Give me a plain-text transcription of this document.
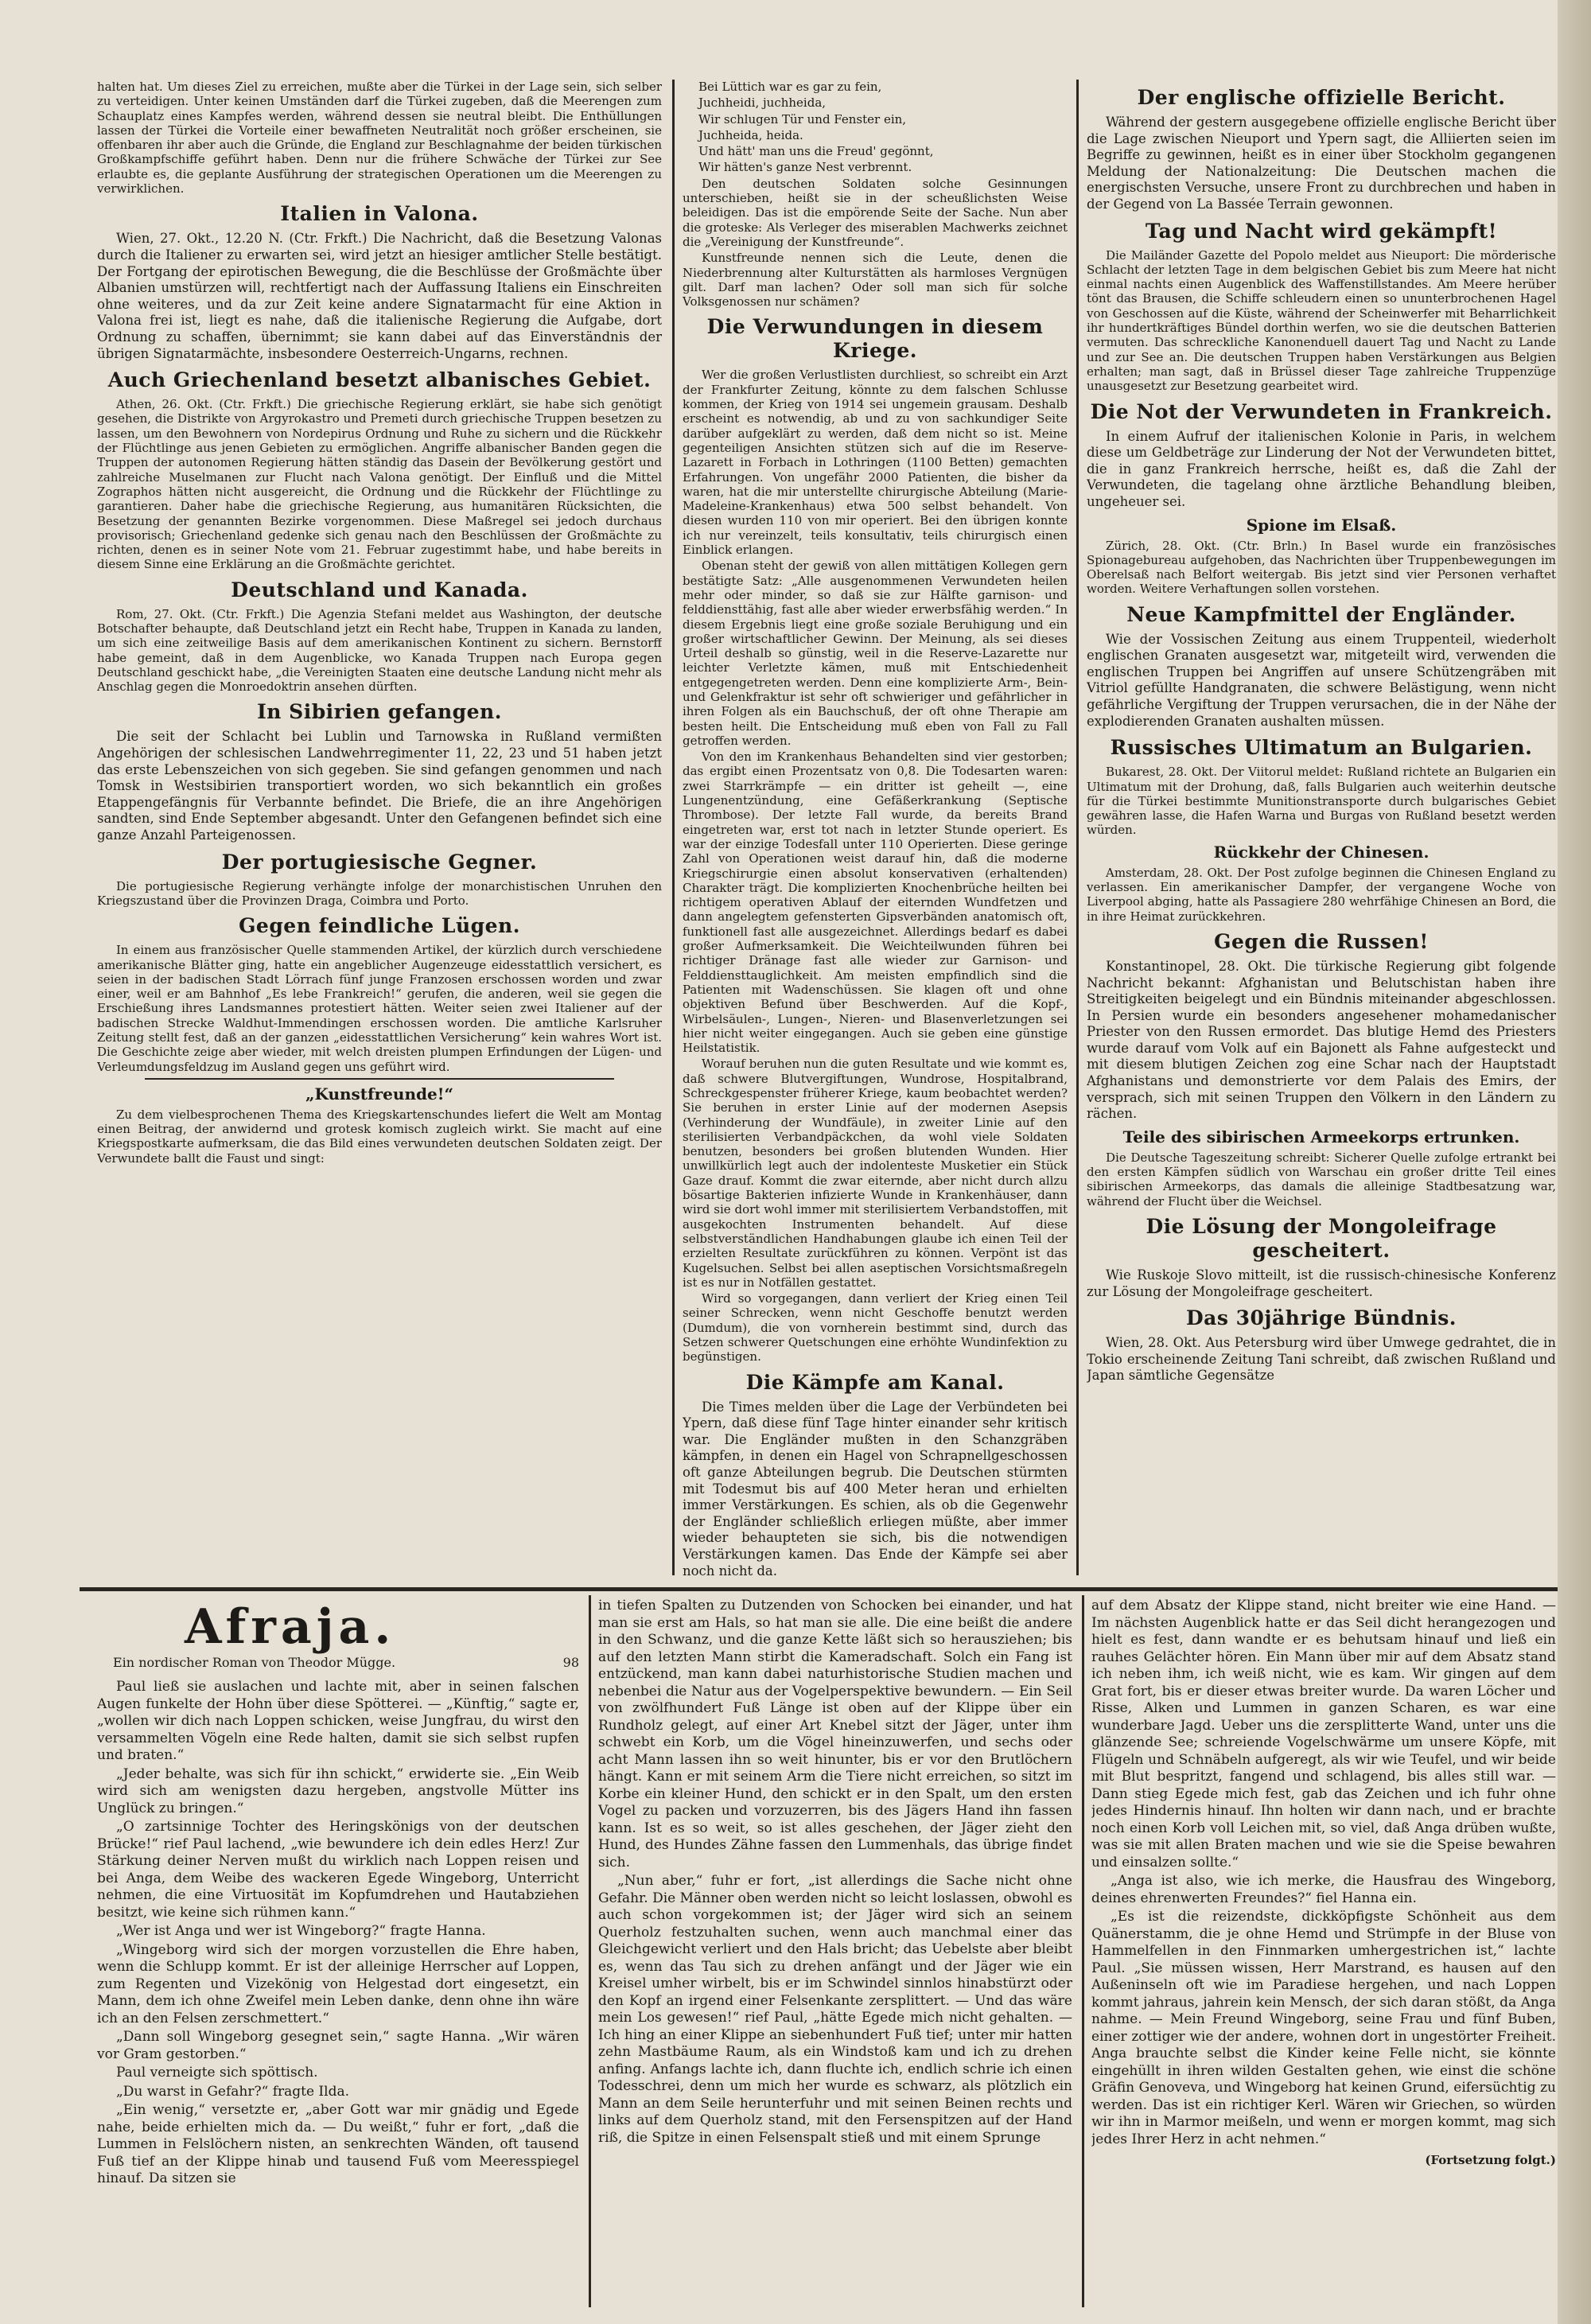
halten hat. Um dieses Ziel zu erreichen, mußte aber die Türkei in der Lage sein, sich selber zu verteidigen. Unter keinen Umständen darf die Türkei zugeben, daß die Meerengen zum Schauplatz eines Kampfes werden, während dessen sie neutral bleibt. Die Enthüllungen lassen der Türkei die Vorteile einer bewaffneten Neutralität noch größer erscheinen, sie offenbaren ihr aber auch die Gründe, die England zur Beschlagnahme der beiden türkischen Großkampfschiffe geführt haben. Denn nur die frühere Schwäche der Türkei zur See erlaubte es, die geplante Ausführung der strategischen Operationen um die Meerengen zu verwirklichen.

Italien in Valona.

Wien, 27. Okt., 12.20 N. (Ctr. Frkft.) Die Nachricht, daß die Besetzung Valonas durch die Italiener zu erwarten sei, wird jetzt an hiesiger amtlicher Stelle bestätigt. Der Fortgang der epirotischen Bewegung, die die Beschlüsse der Großmächte über Albanien umstürzen will, rechtfertigt nach der Auffassung Italiens ein Einschreiten ohne weiteres, und da zur Zeit keine andere Signatarmacht für eine Aktion in Valona frei ist, liegt es nahe, daß die italienische Regierung die Aufgabe, dort Ordnung zu schaffen, übernimmt; sie kann dabei auf das Einverständnis der übrigen Signatarmächte, insbesondere Oesterreich-Ungarns, rechnen.

Auch Griechenland besetzt albanisches Gebiet.

Athen, 26. Okt. (Ctr. Frkft.) Die griechische Regierung erklärt, sie habe sich genötigt gesehen, die Distrikte von Argyrokastro und Premeti durch griechische Truppen besetzen zu lassen, um den Bewohnern von Nordepirus Ordnung und Ruhe zu sichern und die Rückkehr der Flüchtlinge aus jenen Gebieten zu ermöglichen. Angriffe albanischer Banden gegen die Truppen der autonomen Regierung hätten ständig das Dasein der Bevölkerung gestört und zahlreiche Muselmanen zur Flucht nach Valona genötigt. Der Einfluß und die Mittel Zographos hätten nicht ausgereicht, die Ordnung und die Rückkehr der Flüchtlinge zu garantieren. Daher habe die griechische Regierung, aus humanitären Rücksichten, die Besetzung der genannten Bezirke vorgenommen. Diese Maßregel sei jedoch durchaus provisorisch; Griechenland gedenke sich genau nach den Beschlüssen der Großmächte zu richten, denen es in seiner Note vom 21. Februar zugestimmt habe, und habe bereits in diesem Sinne eine Erklärung an die Großmächte gerichtet.

Deutschland und Kanada.

Rom, 27. Okt. (Ctr. Frkft.) Die Agenzia Stefani meldet aus Washington, der deutsche Botschafter behaupte, daß Deutschland jetzt ein Recht habe, Truppen in Kanada zu landen, um sich eine zeitweilige Basis auf dem amerikanischen Kontinent zu sichern. Bernstorff habe gemeint, daß in dem Augenblicke, wo Kanada Truppen nach Europa gegen Deutschland geschickt habe, „die Vereinigten Staaten eine deutsche Landung nicht mehr als Anschlag gegen die Monroedoktrin ansehen dürften.

In Sibirien gefangen.

Die seit der Schlacht bei Lublin und Tarnowska in Rußland vermißten Angehörigen der schlesischen Landwehrregimenter 11, 22, 23 und 51 haben jetzt das erste Lebenszeichen von sich gegeben. Sie sind gefangen genommen und nach Tomsk in Westsibirien transportiert worden, wo sich bekanntlich ein großes Etappengefängnis für Verbannte befindet. Die Briefe, die an ihre Angehörigen sandten, sind Ende September abgesandt. Unter den Gefangenen befindet sich eine ganze Anzahl Parteigenossen.

Der portugiesische Gegner.

Die portugiesische Regierung verhängte infolge der monarchistischen Unruhen den Kriegszustand über die Provinzen Draga, Coimbra und Porto.

Gegen feindliche Lügen.

In einem aus französischer Quelle stammenden Artikel, der kürzlich durch verschiedene amerikanische Blätter ging, hatte ein angeblicher Augenzeuge eidesstattlich versichert, es seien in der badischen Stadt Lörrach fünf junge Franzosen erschossen worden und zwar einer, weil er am Bahnhof „Es lebe Frankreich!“ gerufen, die anderen, weil sie gegen die Erschießung ihres Landsmannes protestiert hätten. Weiter seien zwei Italiener auf der badischen Strecke Waldhut-Immendingen erschossen worden. Die amtliche Karlsruher Zeitung stellt fest, daß an der ganzen „eidesstattlichen Versicherung“ kein wahres Wort ist. Die Geschichte zeige aber wieder, mit welch dreisten plumpen Erfindungen der Lügen- und Verleumdungsfeldzug im Ausland gegen uns geführt wird.

„Kunstfreunde!“

Zu dem vielbesprochenen Thema des Kriegskartenschundes liefert die Welt am Montag einen Beitrag, der anwidernd und grotesk komisch zugleich wirkt. Sie macht auf eine Kriegspostkarte aufmerksam, die das Bild eines verwundeten deutschen Soldaten zeigt. Der Verwundete ballt die Faust und singt:

Bei Lüttich war es gar zu fein,

Juchheidi, juchheida,

Wir schlugen Tür und Fenster ein,

Juchheida, heida.

Und hätt' man uns die Freud' gegönnt,

Wir hätten's ganze Nest verbrennt.

Den deutschen Soldaten solche Gesinnungen unterschieben, heißt sie in der scheußlichsten Weise beleidigen. Das ist die empörende Seite der Sache. Nun aber die groteske: Als Verleger des miserablen Machwerks zeichnet die „Vereinigung der Kunstfreunde“.

Kunstfreunde nennen sich die Leute, denen die Niederbrennung alter Kulturstätten als harmloses Vergnügen gilt. Darf man lachen? Oder soll man sich für solche Volksgenossen nur schämen?

Die Verwundungen in diesem Kriege.

Wer die großen Verlustlisten durchliest, so schreibt ein Arzt der Frankfurter Zeitung, könnte zu dem falschen Schlusse kommen, der Krieg von 1914 sei ungemein grausam. Deshalb erscheint es notwendig, ab und zu von sachkundiger Seite darüber aufgeklärt zu werden, daß dem nicht so ist. Meine gegenteiligen Ansichten stützen sich auf die im Reserve-Lazarett in Forbach in Lothringen (1100 Betten) gemachten Erfahrungen. Von ungefähr 2000 Patienten, die bisher da waren, hat die mir unterstellte chirurgische Abteilung (Marie-Madeleine-Krankenhaus) etwa 500 selbst behandelt. Von diesen wurden 110 von mir operiert. Bei den übrigen konnte ich nur vereinzelt, teils konsultativ, teils chirurgisch einen Einblick erlangen.

Obenan steht der gewiß von allen mittätigen Kollegen gern bestätigte Satz: „Alle ausgenommenen Verwundeten heilen mehr oder minder, so daß sie zur Hälfte garnison- und felddiensttähig, fast alle aber wieder erwerbsfähig werden.“ In diesem Ergebnis liegt eine große soziale Beruhigung und ein großer wirtschaftlicher Gewinn. Der Meinung, als sei dieses Urteil deshalb so günstig, weil in die Reserve-Lazarette nur leichter Verletzte kämen, muß mit Entschiedenheit entgegengetreten werden. Denn eine komplizierte Arm-, Bein- und Gelenkfraktur ist sehr oft schwieriger und gefährlicher in ihren Folgen als ein Bauchschuß, der oft ohne Therapie am besten heilt. Die Entscheidung muß eben von Fall zu Fall getroffen werden.

Von den im Krankenhaus Behandelten sind vier gestorben; das ergibt einen Prozentsatz von 0,8. Die Todesarten waren: zwei Starrkrämpfe — ein dritter ist geheilt —, eine Lungenentzündung, eine Gefäßerkrankung (Septische Thrombose). Der letzte Fall wurde, da bereits Brand eingetreten war, erst tot nach in letzter Stunde operiert. Es war der einzige Todesfall unter 110 Operierten. Diese geringe Zahl von Operationen weist darauf hin, daß die moderne Kriegschirurgie einen absolut konservativen (erhaltenden) Charakter trägt. Die komplizierten Knochenbrüche heilten bei richtigem operativen Ablauf der eiternden Wundfetzen und dann angelegtem gefensterten Gipsverbänden anatomisch oft, funktionell fast alle ausgezeichnet. Allerdings bedarf es dabei großer Aufmerksamkeit. Die Weichteilwunden führen bei richtiger Dränage fast alle wieder zur Garnison- und Felddiensttauglichkeit. Am meisten empfindlich sind die Patienten mit Wadenschüssen. Sie klagen oft und ohne objektiven Befund über Beschwerden. Auf die Kopf-, Wirbelsäulen-, Lungen-, Nieren- und Blasenverletzungen sei hier nicht weiter eingegangen. Auch sie geben eine günstige Heilstatistik.

Worauf beruhen nun die guten Resultate und wie kommt es, daß schwere Blutvergiftungen, Wundrose, Hospitalbrand, Schreckgespenster früherer Kriege, kaum beobachtet werden? Sie beruhen in erster Linie auf der modernen Asepsis (Verhinderung der Wundfäule), in zweiter Linie auf den sterilisierten Verbandpäckchen, da wohl viele Soldaten benutzen, besonders bei großen blutenden Wunden. Hier unwillkürlich legt auch der indolenteste Musketier ein Stück Gaze drauf. Kommt die zwar eiternde, aber nicht durch allzu bösartige Bakterien infizierte Wunde in Krankenhäuser, dann wird sie dort wohl immer mit sterilisiertem Verbandstoffen, mit ausgekochten Instrumenten behandelt. Auf diese selbstverständlichen Handhabungen glaube ich einen Teil der erzielten Resultate zurückführen zu können. Verpönt ist das Kugelsuchen. Selbst bei allen aseptischen Vorsichtsmaßregeln ist es nur in Notfällen gestattet.

Wird so vorgegangen, dann verliert der Krieg einen Teil seiner Schrecken, wenn nicht Geschoffe benutzt werden (Dumdum), die von vornherein bestimmt sind, durch das Setzen schwerer Quetschungen eine erhöhte Wundinfektion zu begünstigen.

Die Kämpfe am Kanal.

Die Times melden über die Lage der Verbündeten bei Ypern, daß diese fünf Tage hinter einander sehr kritisch war. Die Engländer mußten in den Schanzgräben kämpfen, in denen ein Hagel von Schrapnellgeschossen oft ganze Abteilungen begrub. Die Deutschen stürmten mit Todesmut bis auf 400 Meter heran und erhielten immer Verstärkungen. Es schien, als ob die Gegenwehr der Engländer schließlich erliegen müßte, aber immer wieder behaupteten sie sich, bis die notwendigen Verstärkungen kamen. Das Ende der Kämpfe sei aber noch nicht da.

Der englische offizielle Bericht.

Während der gestern ausgegebene offizielle englische Bericht über die Lage zwischen Nieuport und Ypern sagt, die Alliierten seien im Begriffe zu gewinnen, heißt es in einer über Stockholm gegangenen Meldung der Nationalzeitung: Die Deutschen machen die energischsten Versuche, unsere Front zu durchbrechen und haben in der Gegend von La Bassée Terrain gewonnen.

Tag und Nacht wird gekämpft!

Die Mailänder Gazette del Popolo meldet aus Nieuport: Die mörderische Schlacht der letzten Tage in dem belgischen Gebiet bis zum Meere hat nicht einmal nachts einen Augenblick des Waffenstillstandes. Am Meere herüber tönt das Brausen, die Schiffe schleudern einen so ununterbrochenen Hagel von Geschossen auf die Küste, während der Scheinwerfer mit Beharrlichkeit ihr hundertkräftiges Bündel dorthin werfen, wo sie die deutschen Batterien vermuten. Das schreckliche Kanonenduell dauert Tag und Nacht zu Lande und zur See an. Die deutschen Truppen haben Verstärkungen aus Belgien erhalten; man sagt, daß in Brüssel dieser Tage zahlreiche Truppenzüge unausgesetzt zur Besetzung gearbeitet wird.

Die Not der Verwundeten in Frankreich.

In einem Aufruf der italienischen Kolonie in Paris, in welchem diese um Geldbeträge zur Linderung der Not der Verwundeten bittet, die in ganz Frankreich herrsche, heißt es, daß die Zahl der Verwundeten, die tagelang ohne ärztliche Behandlung bleiben, ungeheuer sei.

Spione im Elsaß.

Zürich, 28. Okt. (Ctr. Brln.) In Basel wurde ein französisches Spionagebureau aufgehoben, das Nachrichten über Truppenbewegungen im Oberelsaß nach Belfort weitergab. Bis jetzt sind vier Personen verhaftet worden. Weitere Verhaftungen sollen vorstehen.

Neue Kampfmittel der Engländer.

Wie der Vossischen Zeitung aus einem Truppenteil, wiederholt englischen Granaten ausgesetzt war, mitgeteilt wird, verwenden die englischen Truppen bei Angriffen auf unsere Schützengräben mit Vitriol gefüllte Handgranaten, die schwere Belästigung, wenn nicht gefährliche Vergiftung der Truppen verursachen, die in der Nähe der explodierenden Granaten aushalten müssen.

Russisches Ultimatum an Bulgarien.

Bukarest, 28. Okt. Der Viitorul meldet: Rußland richtete an Bulgarien ein Ultimatum mit der Drohung, daß, falls Bulgarien auch weiterhin deutsche für die Türkei bestimmte Munitionstransporte durch bulgarisches Gebiet gewähren lasse, die Hafen Warna und Burgas von Rußland besetzt werden würden.

Rückkehr der Chinesen.

Amsterdam, 28. Okt. Der Post zufolge beginnen die Chinesen England zu verlassen. Ein amerikanischer Dampfer, der vergangene Woche von Liverpool abging, hatte als Passagiere 280 wehrfähige Chinesen an Bord, die in ihre Heimat zurückkehren.

Gegen die Russen!

Konstantinopel, 28. Okt. Die türkische Regierung gibt folgende Nachricht bekannt: Afghanistan und Belutschistan haben ihre Streitigkeiten beigelegt und ein Bündnis miteinander abgeschlossen. In Persien wurde ein besonders angesehener mohamedanischer Priester von den Russen ermordet. Das blutige Hemd des Priesters wurde darauf vom Volk auf ein Bajonett als Fahne aufgesteckt und mit diesem blutigen Zeichen zog eine Schar nach der Hauptstadt Afghanistans und demonstrierte vor dem Palais des Emirs, der versprach, sich mit seinen Truppen den Völkern in den Ländern zu rächen.

Teile des sibirischen Armeekorps ertrunken.

Die Deutsche Tageszeitung schreibt: Sicherer Quelle zufolge ertrankt bei den ersten Kämpfen südlich von Warschau ein großer dritte Teil eines sibirischen Armeekorps, das damals die alleinige Stadtbesatzung war, während der Flucht über die Weichsel.

Die Lösung der Mongoleifrage gescheitert.

Wie Ruskoje Slovo mitteilt, ist die russisch-chinesische Konferenz zur Lösung der Mongoleifrage gescheitert.

Das 30jährige Bündnis.

Wien, 28. Okt. Aus Petersburg wird über Umwege gedrahtet, die in Tokio erscheinende Zeitung Tani schreibt, daß zwischen Rußland und Japan sämtliche Gegensätze

Afraja.
Ein nordischer Roman von Theodor Mügge.	98

Paul ließ sie auslachen und lachte mit, aber in seinen falschen Augen funkelte der Hohn über diese Spötterei. — „Künftig,“ sagte er, „wollen wir dich nach Loppen schicken, weise Jungfrau, du wirst den versammelten Vögeln eine Rede halten, damit sie sich selbst rupfen und braten.“

„Jeder behalte, was sich für ihn schickt,“ erwiderte sie. „Ein Weib wird sich am wenigsten dazu hergeben, angstvolle Mütter ins Unglück zu bringen.“

„O zartsinnige Tochter des Heringskönigs von der deutschen Brücke!“ rief Paul lachend, „wie bewundere ich dein edles Herz! Zur Stärkung deiner Nerven mußt du wirklich nach Loppen reisen und bei Anga, dem Weibe des wackeren Egede Wingeborg, Unterricht nehmen, die eine Virtuosität im Kopfumdrehen und Hautabziehen besitzt, wie keine sich rühmen kann.“

„Wer ist Anga und wer ist Wingeborg?“ fragte Hanna.

„Wingeborg wird sich der morgen vorzustellen die Ehre haben, wenn die Schlupp kommt. Er ist der alleinige Herrscher auf Loppen, zum Regenten und Vizekönig von Helgestad dort eingesetzt, ein Mann, dem ich ohne Zweifel mein Leben danke, denn ohne ihn wäre ich an den Felsen zerschmettert.“

„Dann soll Wingeborg gesegnet sein,“ sagte Hanna. „Wir wären vor Gram gestorben.“

Paul verneigte sich spöttisch.

„Du warst in Gefahr?“ fragte Ilda.

„Ein wenig,“ versetzte er, „aber Gott war mir gnädig und Egede nahe, beide erhielten mich da. — Du weißt,“ fuhr er fort, „daß die Lummen in Felslöchern nisten, an senkrechten Wänden, oft tausend Fuß tief an der Klippe hinab und tausend Fuß vom Meeresspiegel hinauf. Da sitzen sie

in tiefen Spalten zu Dutzenden von Schocken bei einander, und hat man sie erst am Hals, so hat man sie alle. Die eine beißt die andere in den Schwanz, und die ganze Kette läßt sich so herausziehen; bis auf den letzten Mann stirbt die Kameradschaft. Solch ein Fang ist entzückend, man kann dabei naturhistorische Studien machen und nebenbei die Natur aus der Vogelperspektive bewundern. — Ein Seil von zwölfhundert Fuß Länge ist oben auf der Klippe über ein Rundholz gelegt, auf einer Art Knebel sitzt der Jäger, unter ihm schwebt ein Korb, um die Vögel hineinzuwerfen, und sechs oder acht Mann lassen ihn so weit hinunter, bis er vor den Brutlöchern hängt. Kann er mit seinem Arm die Tiere nicht erreichen, so sitzt im Korbe ein kleiner Hund, den schickt er in den Spalt, um den ersten Vogel zu packen und vorzuzerren, bis des Jägers Hand ihn fassen kann. Ist es so weit, so ist alles geschehen, der Jäger zieht den Hund, des Hundes Zähne fassen den Lummenhals, das übrige findet sich.

„Nun aber,“ fuhr er fort, „ist allerdings die Sache nicht ohne Gefahr. Die Männer oben werden nicht so leicht loslassen, obwohl es auch schon vorgekommen ist; der Jäger wird sich an seinem Querholz festzuhalten suchen, wenn auch manchmal einer das Gleichgewicht verliert und den Hals bricht; das Uebelste aber bleibt es, wenn das Tau sich zu drehen anfängt und der Jäger wie ein Kreisel umher wirbelt, bis er im Schwindel sinnlos hinabstürzt oder den Kopf an irgend einer Felsenkante zersplittert. — Und das wäre mein Los gewesen!“ rief Paul, „hätte Egede mich nicht gehalten. — Ich hing an einer Klippe an siebenhundert Fuß tief; unter mir hatten zehn Mastbäume Raum, als ein Windstoß kam und ich zu drehen anfing. Anfangs lachte ich, dann fluchte ich, endlich schrie ich einen Todesschrei, denn um mich her wurde es schwarz, als plötzlich ein Mann an dem Seile herunterfuhr und mit seinen Beinen rechts und links auf dem Querholz stand, mit den Fersenspitzen auf der Hand riß, die Spitze in einen Felsenspalt stieß und mit einem Sprunge

auf dem Absatz der Klippe stand, nicht breiter wie eine Hand. — Im nächsten Augenblick hatte er das Seil dicht herangezogen und hielt es fest, dann wandte er es behutsam hinauf und ließ ein rauhes Gelächter hören. Ein Mann über mir auf dem Absatz stand ich neben ihm, ich weiß nicht, wie es kam. Wir gingen auf dem Grat fort, bis er dieser etwas breiter wurde. Da waren Löcher und Risse, Alken und Lummen in ganzen Scharen, es war eine wunderbare Jagd. Ueber uns die zersplitterte Wand, unter uns die glänzende See; schreiende Vogelschwärme um unsere Köpfe, mit Flügeln und Schnäbeln aufgeregt, als wir wie Teufel, und wir beide mit Blut bespritzt, fangend und schlagend, bis alles still war. — Dann stieg Egede mich fest, gab das Zeichen und ich fuhr ohne jedes Hindernis hinauf. Ihn holten wir dann nach, und er brachte noch einen Korb voll Leichen mit, so viel, daß Anga drüben wußte, was sie mit allen Braten machen und wie sie die Speise bewahren und einsalzen sollte.“

„Anga ist also, wie ich merke, die Hausfrau des Wingeborg, deines ehrenwerten Freundes?“ fiel Hanna ein.

„Es ist die reizendste, dickköpfigste Schönheit aus dem Quänerstamm, die je ohne Hemd und Strümpfe in der Bluse von Hammelfellen in den Finnmarken umhergestrichen ist,“ lachte Paul. „Sie müssen wissen, Herr Marstrand, es hausen auf den Außeninseln oft wie im Paradiese hergehen, und nach Loppen kommt jahraus, jahrein kein Mensch, der sich daran stößt, da Anga nahme. — Mein Freund Wingeborg, seine Frau und fünf Buben, einer zottiger wie der andere, wohnen dort in ungestörter Freiheit. Anga brauchte selbst die Kinder keine Felle nicht, sie könnte eingehüllt in ihren wilden Gestalten gehen, wie einst die schöne Gräfin Genoveva, und Wingeborg hat keinen Grund, eifersüchtig zu werden. Das ist ein richtiger Kerl. Wären wir Griechen, so würden wir ihn in Marmor meißeln, und wenn er morgen kommt, mag sich jedes Ihrer Herz in acht nehmen.“

(Fortsetzung folgt.)
